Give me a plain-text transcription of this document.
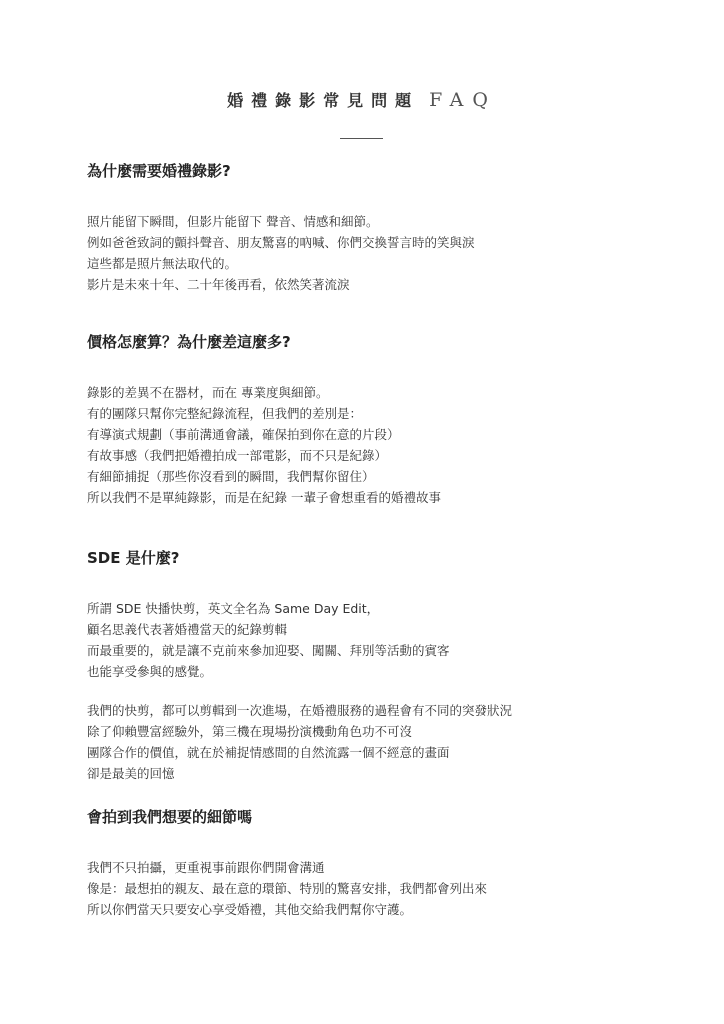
婚禮錄影常見問題 FAQ
為什麼需要婚禮錄影?
照片能留下瞬間，但影片能留下 聲音、情感和細節。
例如爸爸致詞的顫抖聲音、朋友驚喜的吶喊、你們交換誓言時的笑與淚
這些都是照片無法取代的。
影片是未來十年、二十年後再看，依然笑著流淚
價格怎麼算？為什麼差這麼多?
錄影的差異不在器材，而在 專業度與細節。
有的團隊只幫你完整紀錄流程，但我們的差別是：
有導演式規劃（事前溝通會議，確保拍到你在意的片段）
有故事感（我們把婚禮拍成一部電影，而不只是紀錄）
有細節捕捉（那些你沒看到的瞬間，我們幫你留住）
所以我們不是單純錄影，而是在紀錄 一輩子會想重看的婚禮故事
SDE 是什麼?
所謂 SDE 快播快剪，英文全名為 Same Day Edit，
顧名思義代表著婚禮當天的紀錄剪輯
而最重要的，就是讓不克前來參加迎娶、闖關、拜別等活動的賓客
也能享受參與的感覺。
我們的快剪，都可以剪輯到一次進場，在婚禮服務的過程會有不同的突發狀況
除了仰賴豐富經驗外，第三機在現場扮演機動角色功不可沒
團隊合作的價值，就在於補捉情感間的自然流露一個不經意的畫面
卻是最美的回憶
會拍到我們想要的細節嗎
我們不只拍攝，更重視事前跟你們開會溝通
像是：最想拍的親友、最在意的環節、特別的驚喜安排，我們都會列出來
所以你們當天只要安心享受婚禮，其他交給我們幫你守護。
